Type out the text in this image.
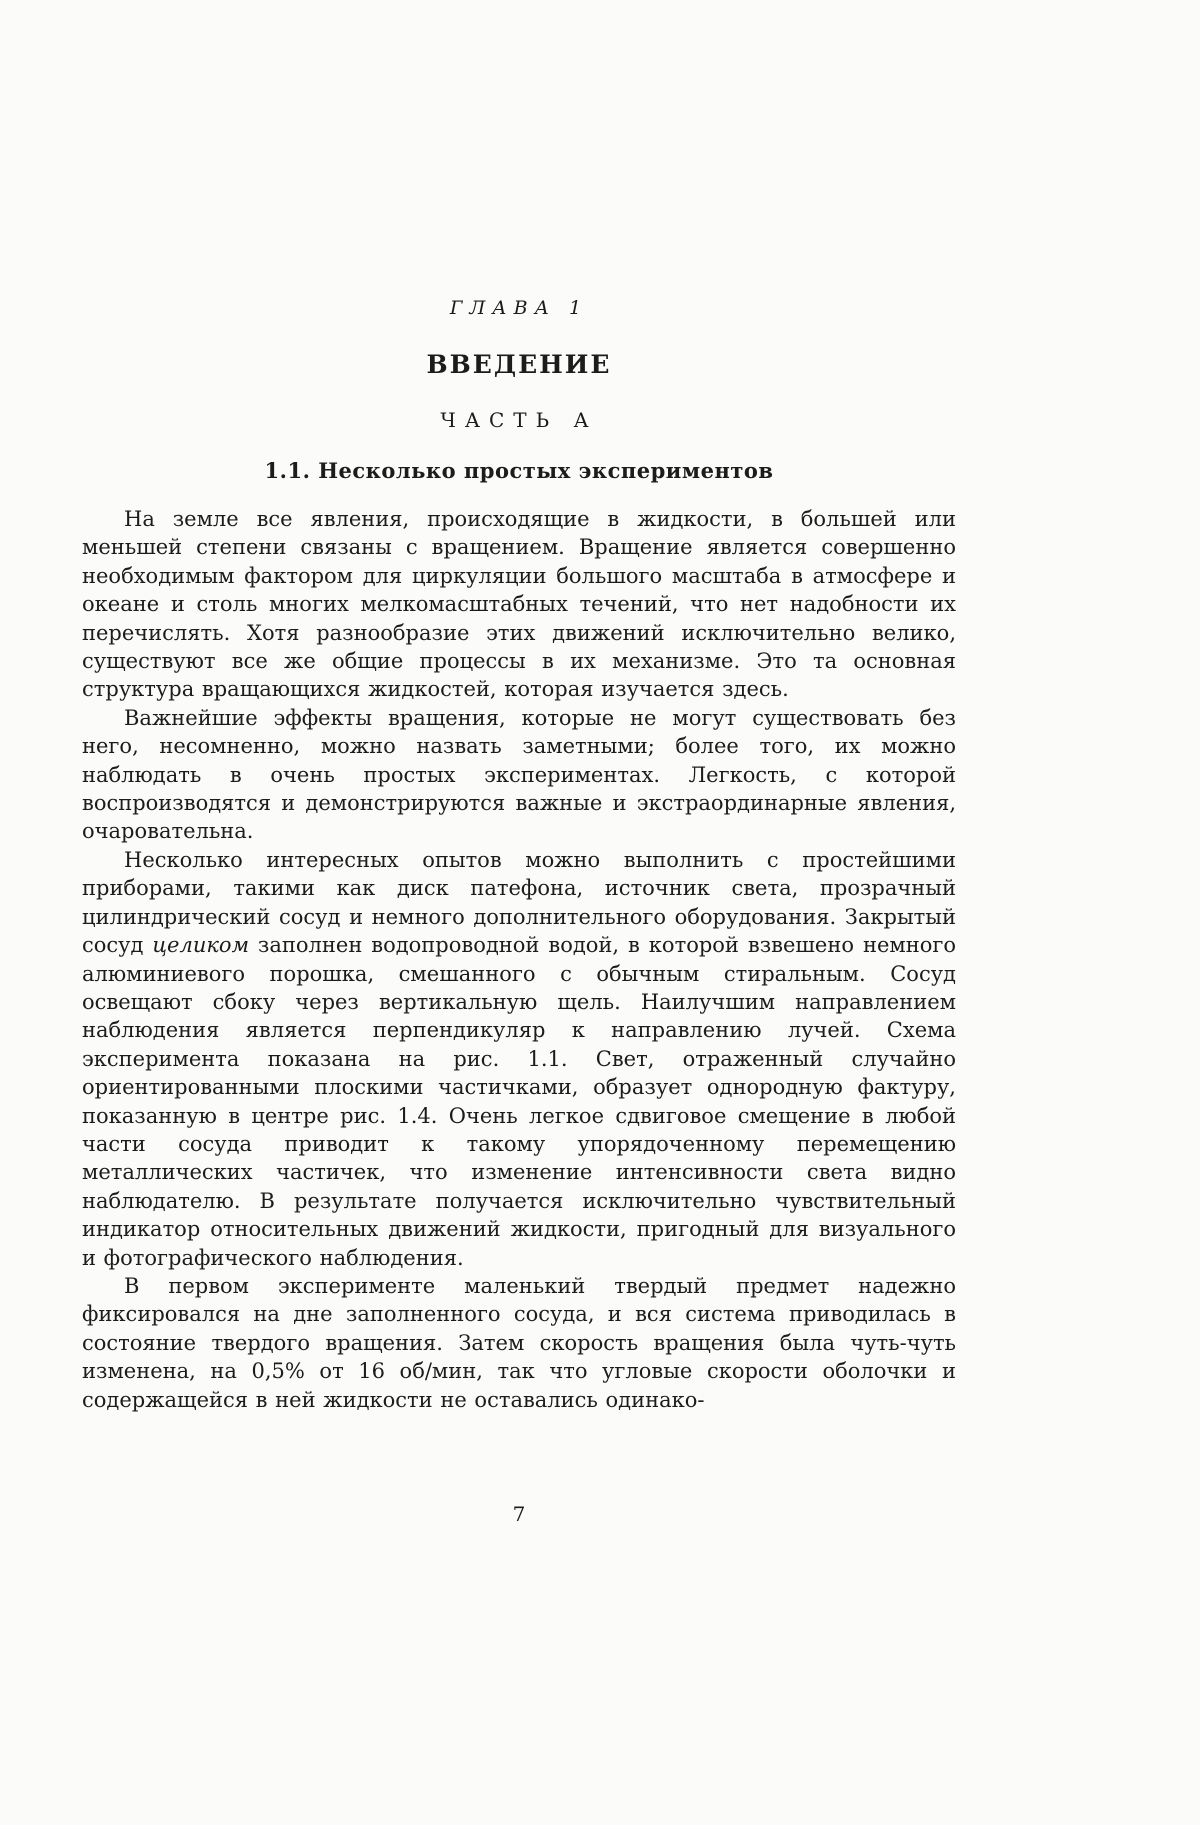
ГЛАВА 1
ВВЕДЕНИЕ
ЧАСТЬ А
1.1. Несколько простых экспериментов

На земле все явления, происходящие в жидкости, в большей или меньшей степени связаны с вращением. Вращение является совершенно необходимым фактором для циркуляции большого масштаба в атмосфере и океане и столь многих мелкомасштабных течений, что нет надобности их перечислять. Хотя разнообразие этих движений исключительно велико, существуют все же общие процессы в их механизме. Это та основная структура вращающихся жидкостей, которая изучается здесь.

Важнейшие эффекты вращения, которые не могут существовать без него, несомненно, можно назвать заметными; более того, их можно наблюдать в очень простых экспериментах. Легкость, с которой воспроизводятся и демонстрируются важные и экстраординарные явления, очаровательна.

Несколько интересных опытов можно выполнить с простейшими приборами, такими как диск патефона, источник света, прозрачный цилиндрический сосуд и немного дополнительного оборудования. Закрытый сосуд целиком заполнен водопроводной водой, в которой взвешено немного алюминиевого порошка, смешанного с обычным стиральным. Сосуд освещают сбоку через вертикальную щель. Наилучшим направлением наблюдения является перпендикуляр к направлению лучей. Схема эксперимента показана на рис. 1.1. Свет, отраженный случайно ориентированными плоскими частичками, образует однородную фактуру, показанную в центре рис. 1.4. Очень легкое сдвиговое смещение в любой части сосуда приводит к такому упорядоченному перемещению металлических частичек, что изменение интенсивности света видно наблюдателю. В результате получается исключительно чувствительный индикатор относительных движений жидкости, пригодный для визуального и фотографического наблюдения.

В первом эксперименте маленький твердый предмет надежно фиксировался на дне заполненного сосуда, и вся система приводилась в состояние твердого вращения. Затем скорость вращения была чуть-чуть изменена, на 0,5% от 16 об/мин, так что угловые скорости оболочки и содержащейся в ней жидкости не оставались одинако-

7
